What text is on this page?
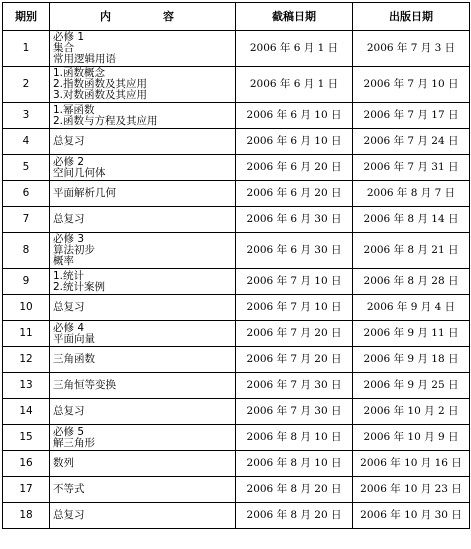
期别	内 容	截稿日期	出版日期
1	必修 1
集合
常用逻辑用语	2006 年 6 月 1 日	2006 年 7 月 3 日
2	1.函数概念
2.指数函数及其应用
3.对数函数及其应用	2006 年 6 月 1 日	2006 年 7 月 10 日
3	1.幂函数
2.函数与方程及其应用	2006 年 6 月 10 日	2006 年 7 月 17 日
4	总复习	2006 年 6 月 10 日	2006 年 7 月 24 日
5	必修 2
空间几何体	2006 年 6 月 20 日	2006 年 7 月 31 日
6	平面解析几何	2006 年 6 月 20 日	2006 年 8 月 7 日
7	总复习	2006 年 6 月 30 日	2006 年 8 月 14 日
8	必修 3
算法初步
概率	2006 年 6 月 30 日	2006 年 8 月 21 日
9	1.统计
2.统计案例	2006 年 7 月 10 日	2006 年 8 月 28 日
10	总复习	2006 年 7 月 10 日	2006 年 9 月 4 日
11	必修 4
平面向量	2006 年 7 月 20 日	2006 年 9 月 11 日
12	三角函数	2006 年 7 月 20 日	2006 年 9 月 18 日
13	三角恒等变换	2006 年 7 月 30 日	2006 年 9 月 25 日
14	总复习	2006 年 7 月 30 日	2006 年 10 月 2 日
15	必修 5
解三角形	2006 年 8 月 10 日	2006 年 10 月 9 日
16	数列	2006 年 8 月 10 日	2006 年 10 月 16 日
17	不等式	2006 年 8 月 20 日	2006 年 10 月 23 日
18	总复习	2006 年 8 月 20 日	2006 年 10 月 30 日
